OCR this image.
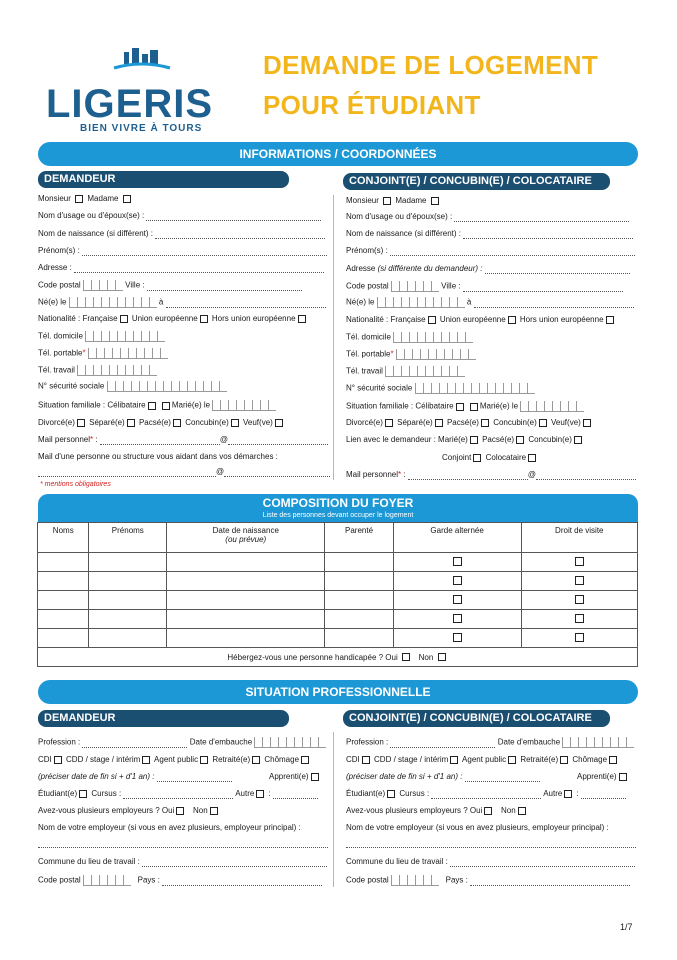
LIGERIS
BIEN VIVRE À TOURS
DEMANDE DE LOGEMENT
POUR ÉTUDIANT
INFORMATIONS / COORDONNÉES
DEMANDEUR	CONJOINT(E) / CONCUBIN(E) / COLOCATAIRE
Monsieur Madame
Nom d'usage ou d'époux(se) :
Nom de naissance (si différent) :
Prénom(s) :
Adresse :
Code postal	Ville :
Né(e) le	à
Nationalité : Française Union européenne Hors union européenne
Tél. domicile
Tél. portable*
Tél. travail
N° sécurité sociale
Situation familiale : Célibataire	Marié(e) le
Divorcé(e) Séparé(e) Pacsé(e) Concubin(e) Veuf(ve)
Mail personnel* :	@
Mail d'une personne ou structure vous aidant dans vos démarches :
@
* mentions obligatoires
Monsieur Madame
Nom d'usage ou d'époux(se) :
Nom de naissance (si différent) :
Prénom(s) :
Adresse (si différente du demandeur) :
Code postal	Ville :
Né(e) le	à
Nationalité : Française Union européenne Hors union européenne
Tél. domicile
Tél. portable*
Tél. travail
N° sécurité sociale
Situation familiale : Célibataire	Marié(e) le
Divorcé(e) Séparé(e) Pacsé(e) Concubin(e) Veuf(ve)
Lien avec le demandeur : Marié(e) Pacsé(e) Concubin(e)
Conjoint Colocataire
Mail personnel* :	@
COMPOSITION DU FOYER
Liste des personnes devant occuper le logement
Noms	Prénoms	Date de naissance
(ou prévue)	Parenté	Garde alternée	Droit de visite

Hébergez-vous une personne handicapée ? Oui Non					
SITUATION PROFESSIONNELLE
DEMANDEUR	CONJOINT(E) / CONCUBIN(E) / COLOCATAIRE
Profession :	Date d'embauche
CDI CDD / stage / intérim Agent public Retraité(e) Chômage
(préciser date de fin si + d'1 an) :	Apprenti(e)
Étudiant(e) Cursus :	Autre :
Avez-vous plusieurs employeurs ? Oui Non
Nom de votre employeur (si vous en avez plusieurs, employeur principal) :
Commune du lieu de travail :
Code postal	Pays :
Profession :	Date d'embauche
CDI CDD / stage / intérim Agent public Retraité(e) Chômage
(préciser date de fin si + d'1 an) :	Apprenti(e)
Étudiant(e) Cursus :	Autre :
Avez-vous plusieurs employeurs ? Oui Non
Nom de votre employeur (si vous en avez plusieurs, employeur principal) :
Commune du lieu de travail :
Code postal	Pays :
1/7
